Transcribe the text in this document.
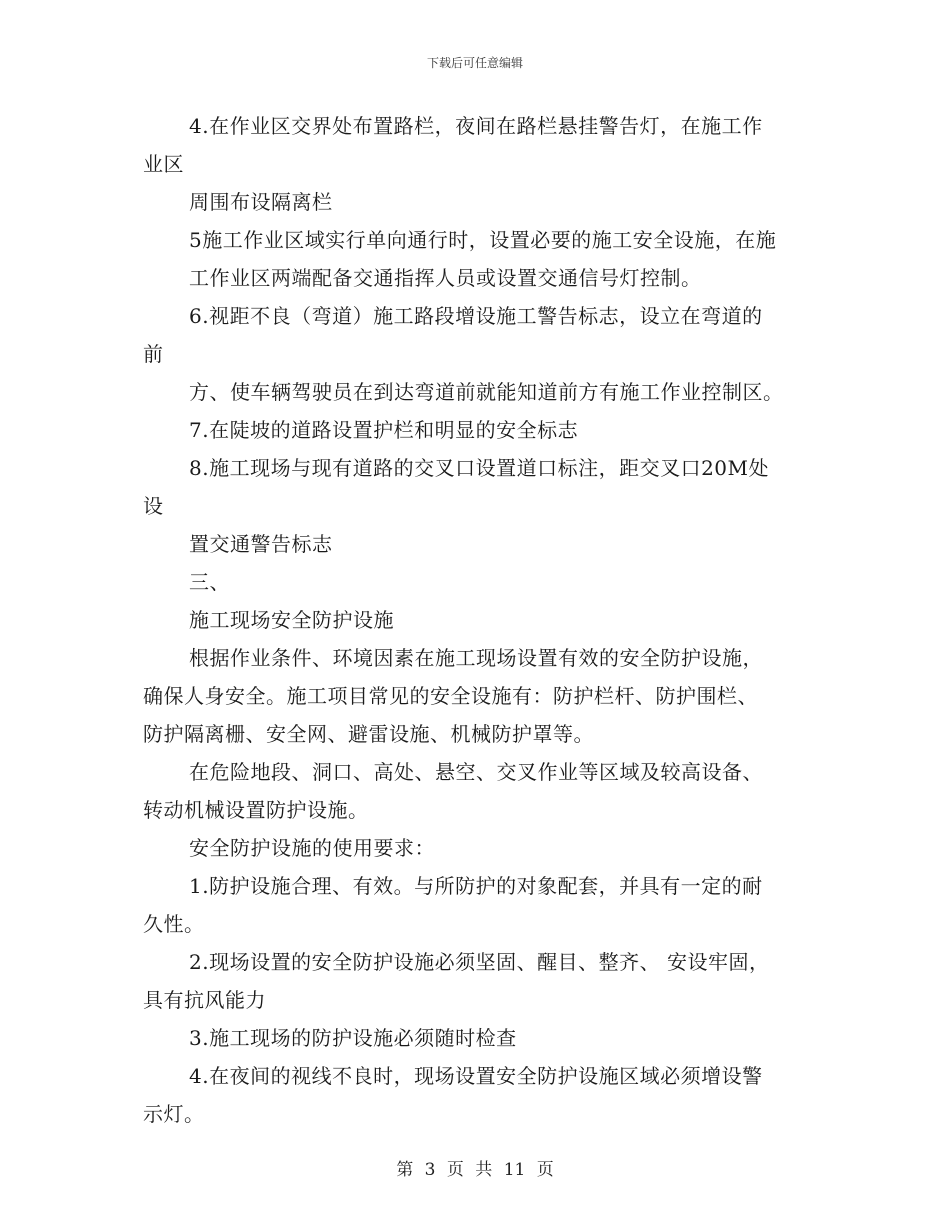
下载后可任意编辑
4.在作业区交界处布置路栏，夜间在路栏悬挂警告灯，在施工作
业区
周围布设隔离栏
5施工作业区域实行单向通行时，设置必要的施工安全设施，在施
工作业区两端配备交通指挥人员或设置交通信号灯控制。
6.视距不良（弯道）施工路段增设施工警告标志，设立在弯道的
前
方、使车辆驾驶员在到达弯道前就能知道前方有施工作业控制区。
7.在陡坡的道路设置护栏和明显的安全标志
8.施工现场与现有道路的交叉口设置道口标注，距交叉口20M处
设
置交通警告标志
三、
施工现场安全防护设施
根据作业条件、环境因素在施工现场设置有效的安全防护设施，
确保人身安全。施工项目常见的安全设施有：防护栏杆、防护围栏、
防护隔离栅、安全网、避雷设施、机械防护罩等。
在危险地段、洞口、高处、悬空、交叉作业等区域及较高设备、
转动机械设置防护设施。
安全防护设施的使用要求：
1.防护设施合理、有效。与所防护的对象配套，并具有一定的耐
久性。
2.现场设置的安全防护设施必须坚固、醒目、整齐、 安设牢固，
具有抗风能力
3.施工现场的防护设施必须随时检查
4.在夜间的视线不良时，现场设置安全防护设施区域必须增设警
示灯。
第 3 页 共 11 页
